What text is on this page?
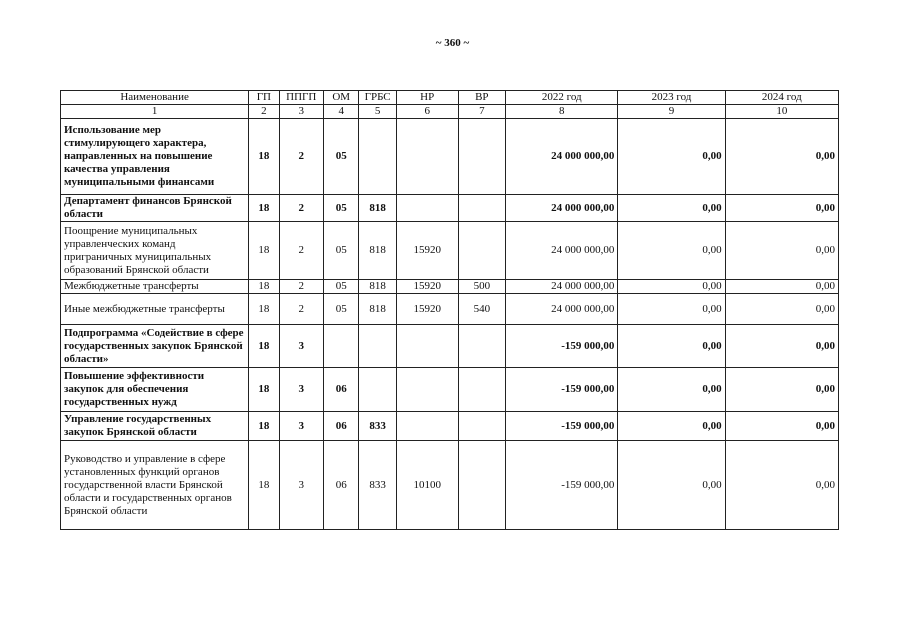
~ 360 ~
Наименование	ГП	ППГП	ОМ	ГРБС	НР	ВР	2022 год	2023 год	2024 год
1	2	3	4	5	6	7	8	9	10
Использование мер стимулирующего характера, направленных на повышение качества управления муниципальными финансами	18	2	05				24 000 000,00	0,00	0,00
Департамент финансов Брянской области	18	2	05	818			24 000 000,00	0,00	0,00
Поощрение муниципальных управленческих команд приграничных муниципальных образований Брянской области	18	2	05	818	15920		24 000 000,00	0,00	0,00
Межбюджетные трансферты	18	2	05	818	15920	500	24 000 000,00	0,00	0,00
Иные межбюджетные трансферты	18	2	05	818	15920	540	24 000 000,00	0,00	0,00
Подпрограмма «Содействие в сфере государственных закупок Брянской области»	18	3					-159 000,00	0,00	0,00
Повышение эффективности закупок для обеспечения государственных нужд	18	3	06				-159 000,00	0,00	0,00
Управление государственных закупок Брянской области	18	3	06	833			-159 000,00	0,00	0,00
Руководство и управление в сфере установленных функций органов государственной власти Брянской области и государственных органов Брянской области	18	3	06	833	10100		-159 000,00	0,00	0,00
